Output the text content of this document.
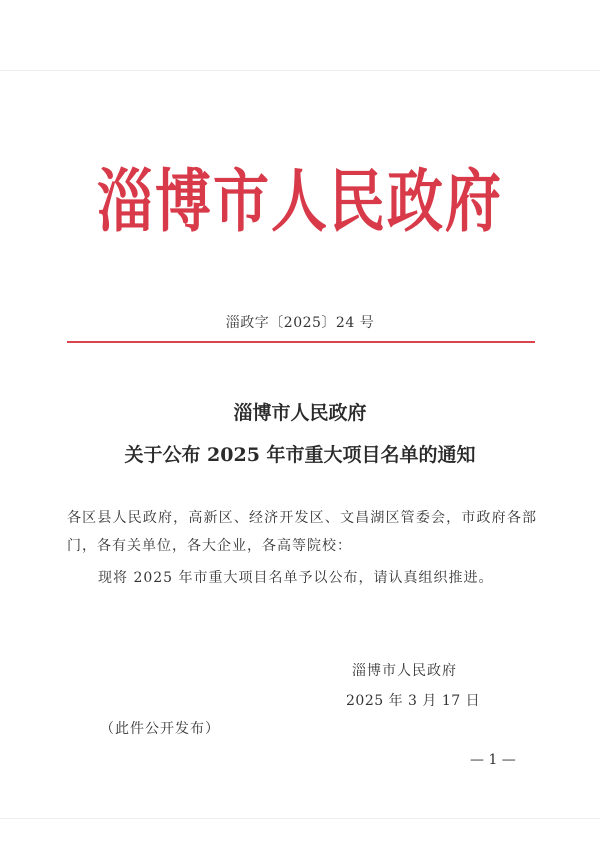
淄博市人民政府
淄政字〔2025〕24 号
淄博市人民政府
关于公布 2025 年市重大项目名单的通知
各区县人民政府，高新区、经济开发区、文昌湖区管委会，市政府各部门，各有关单位，各大企业，各高等院校：
现将 2025 年市重大项目名单予以公布，请认真组织推进。
淄博市人民政府
2025 年 3 月 17 日
（此件公开发布）
— 1 —
